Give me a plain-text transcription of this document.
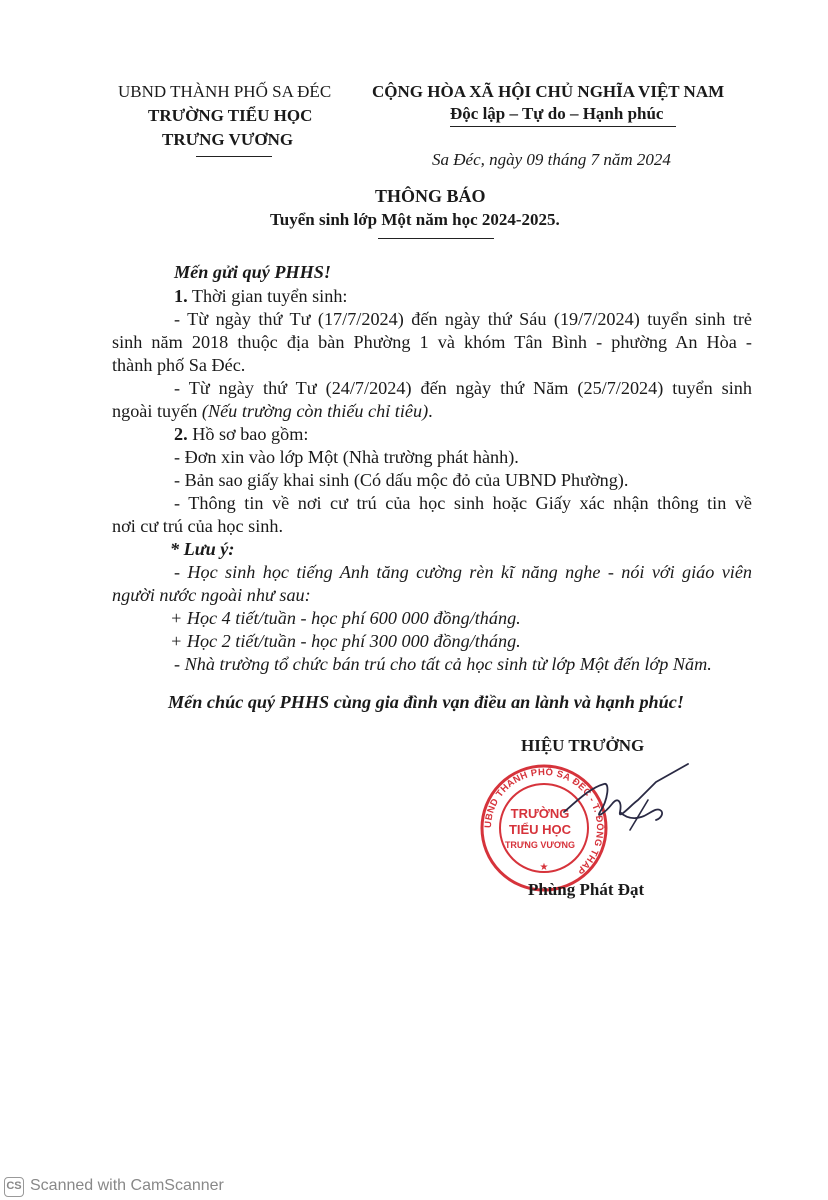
UBND THÀNH PHỐ SA ĐÉC
TRƯỜNG TIỂU HỌC
TRƯNG VƯƠNG
CỘNG HÒA XÃ HỘI CHỦ NGHĨA VIỆT NAM
Độc lập – Tự do – Hạnh phúc
Sa Đéc, ngày 09 tháng 7 năm 2024
THÔNG BÁO
Tuyển sinh lớp Một năm học 2024-2025.
Mến gửi quý PHHS!
1. Thời gian tuyển sinh:
- Từ ngày thứ Tư (17/7/2024) đến ngày thứ Sáu (19/7/2024) tuyển sinh trẻ
sinh năm 2018 thuộc địa bàn Phường 1 và khóm Tân Bình - phường An Hòa -
thành phố Sa Đéc.
- Từ ngày thứ Tư (24/7/2024) đến ngày thứ Năm (25/7/2024) tuyển sinh
ngoài tuyến (Nếu trường còn thiếu chỉ tiêu).
2. Hồ sơ bao gồm:
- Đơn xin vào lớp Một (Nhà trường phát hành).
- Bản sao giấy khai sinh (Có dấu mộc đỏ của UBND Phường).
- Thông tin về nơi cư trú của học sinh hoặc Giấy xác nhận thông tin về
nơi cư trú của học sinh.
* Lưu ý:
- Học sinh học tiếng Anh tăng cường rèn kĩ năng nghe - nói với giáo viên
người nước ngoài như sau:
+ Học 4 tiết/tuần - học phí 600 000 đồng/tháng.
+ Học 2 tiết/tuần - học phí 300 000 đồng/tháng.
- Nhà trường tổ chức bán trú cho tất cả học sinh từ lớp Một đến lớp Năm.
Mến chúc quý PHHS cùng gia đình vạn điều an lành và hạnh phúc!
HIỆU TRƯỞNG
UBND THÀNH PHỐ SA ĐÉC - T. ĐỒNG THÁP
TRƯỜNG
TIỂU HỌC
TRƯNG VƯƠNG
★
Phùng Phát Đạt
CS Scanned with CamScanner
